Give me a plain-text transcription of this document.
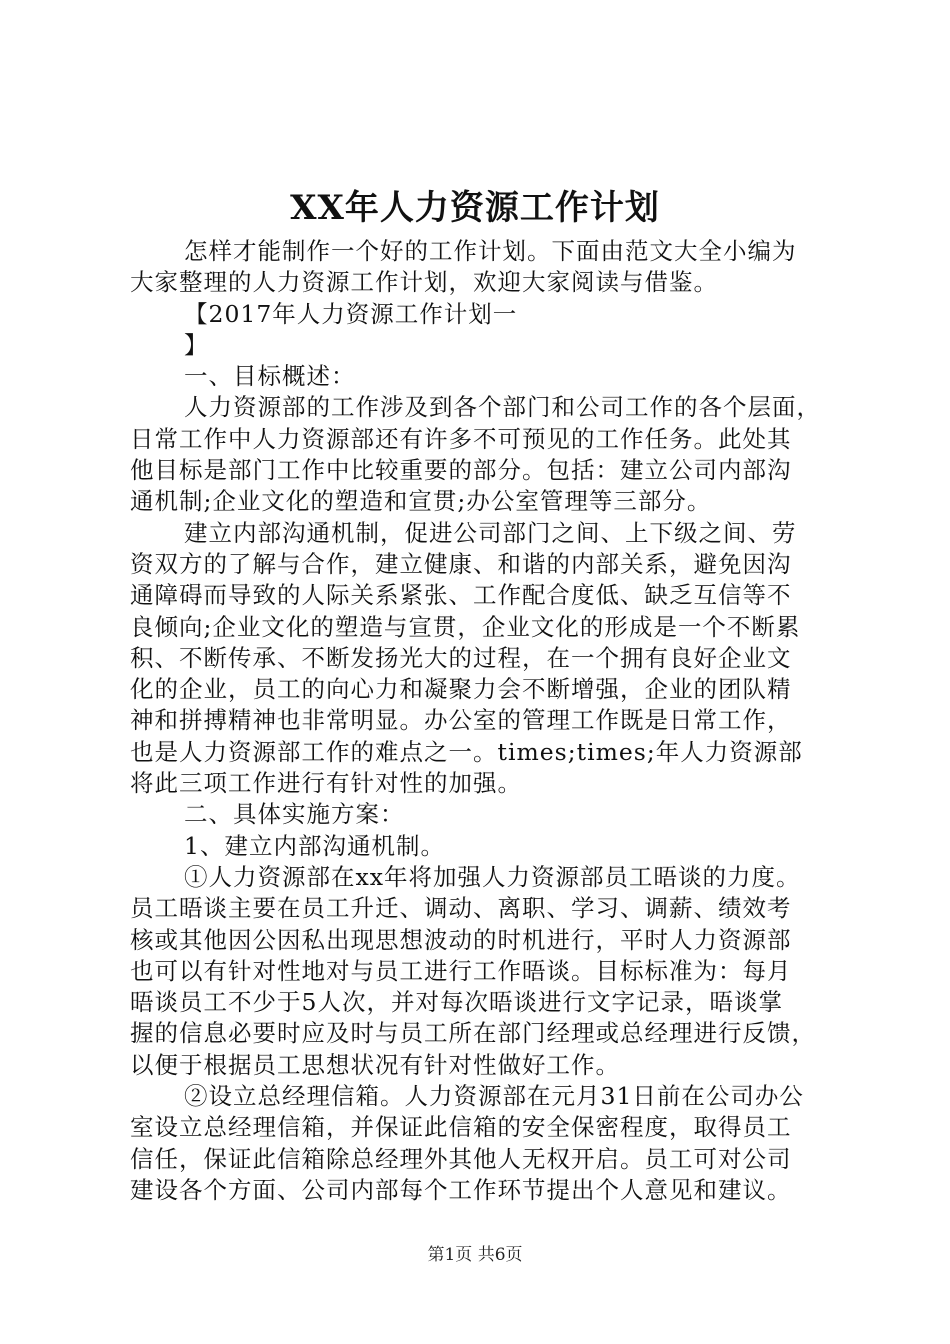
XX年人力资源工作计划
怎样才能制作一个好的工作计划。下面由范文大全小编为
大家整理的人力资源工作计划，欢迎大家阅读与借鉴。
【2017年人力资源工作计划一
】
一、目标概述：
人力资源部的工作涉及到各个部门和公司工作的各个层面，
日常工作中人力资源部还有许多不可预见的工作任务。此处其
他目标是部门工作中比较重要的部分。包括：建立公司内部沟
通机制;企业文化的塑造和宣贯;办公室管理等三部分。
建立内部沟通机制，促进公司部门之间、上下级之间、劳
资双方的了解与合作，建立健康、和谐的内部关系，避免因沟
通障碍而导致的人际关系紧张、工作配合度低、缺乏互信等不
良倾向;企业文化的塑造与宣贯，企业文化的形成是一个不断累
积、不断传承、不断发扬光大的过程，在一个拥有良好企业文
化的企业，员工的向心力和凝聚力会不断增强，企业的团队精
神和拼搏精神也非常明显。办公室的管理工作既是日常工作，
也是人力资源部工作的难点之一。times;times;年人力资源部
将此三项工作进行有针对性的加强。
二、具体实施方案：
1、建立内部沟通机制。
①人力资源部在xx年将加强人力资源部员工晤谈的力度。
员工晤谈主要在员工升迁、调动、离职、学习、调薪、绩效考
核或其他因公因私出现思想波动的时机进行，平时人力资源部
也可以有针对性地对与员工进行工作晤谈。目标标准为：每月
晤谈员工不少于5人次，并对每次晤谈进行文字记录，晤谈掌
握的信息必要时应及时与员工所在部门经理或总经理进行反馈，
以便于根据员工思想状况有针对性做好工作。
②设立总经理信箱。人力资源部在元月31日前在公司办公
室设立总经理信箱，并保证此信箱的安全保密程度，取得员工
信任，保证此信箱除总经理外其他人无权开启。员工可对公司
建设各个方面、公司内部每个工作环节提出个人意见和建议。
第1页 共6页
